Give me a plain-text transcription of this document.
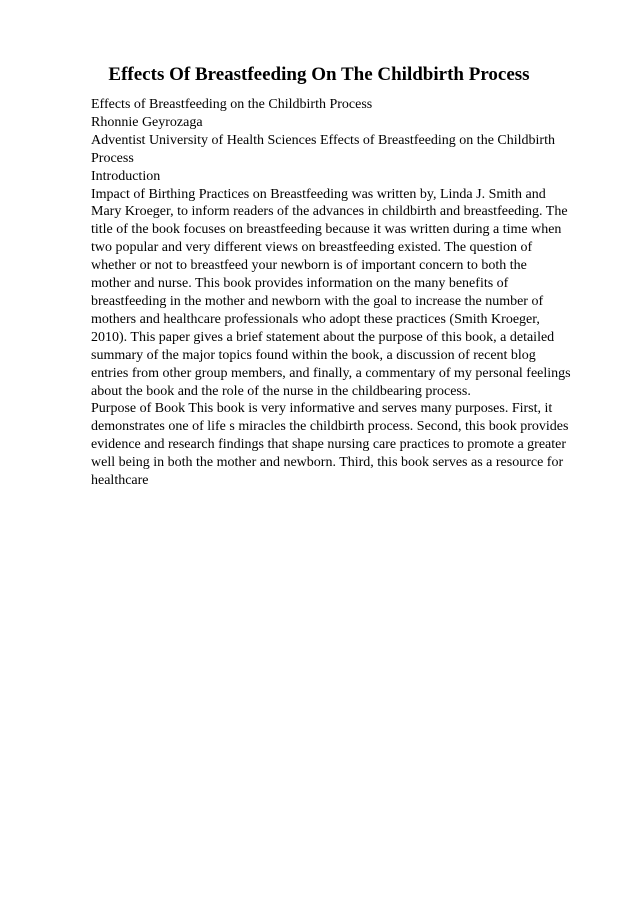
Effects Of Breastfeeding On The Childbirth Process
Effects of Breastfeeding on the Childbirth Process
Rhonnie Geyrozaga
Adventist University of Health Sciences Effects of Breastfeeding on the Childbirth
Process
Introduction
Impact of Birthing Practices on Breastfeeding was written by, Linda J. Smith and
Mary Kroeger, to inform readers of the advances in childbirth and breastfeeding. The
title of the book focuses on breastfeeding because it was written during a time when
two popular and very different views on breastfeeding existed. The question of
whether or not to breastfeed your newborn is of important concern to both the
mother and nurse. This book provides information on the many benefits of
breastfeeding in the mother and newborn with the goal to increase the number of
mothers and healthcare professionals who adopt these practices (Smith Kroeger,
2010). This paper gives a brief statement about the purpose of this book, a detailed
summary of the major topics found within the book, a discussion of recent blog
entries from other group members, and finally, a commentary of my personal feelings
about the book and the role of the nurse in the childbearing process.
Purpose of Book This book is very informative and serves many purposes. First, it
demonstrates one of life s miracles the childbirth process. Second, this book provides
evidence and research findings that shape nursing care practices to promote a greater
well being in both the mother and newborn. Third, this book serves as a resource for
healthcare
